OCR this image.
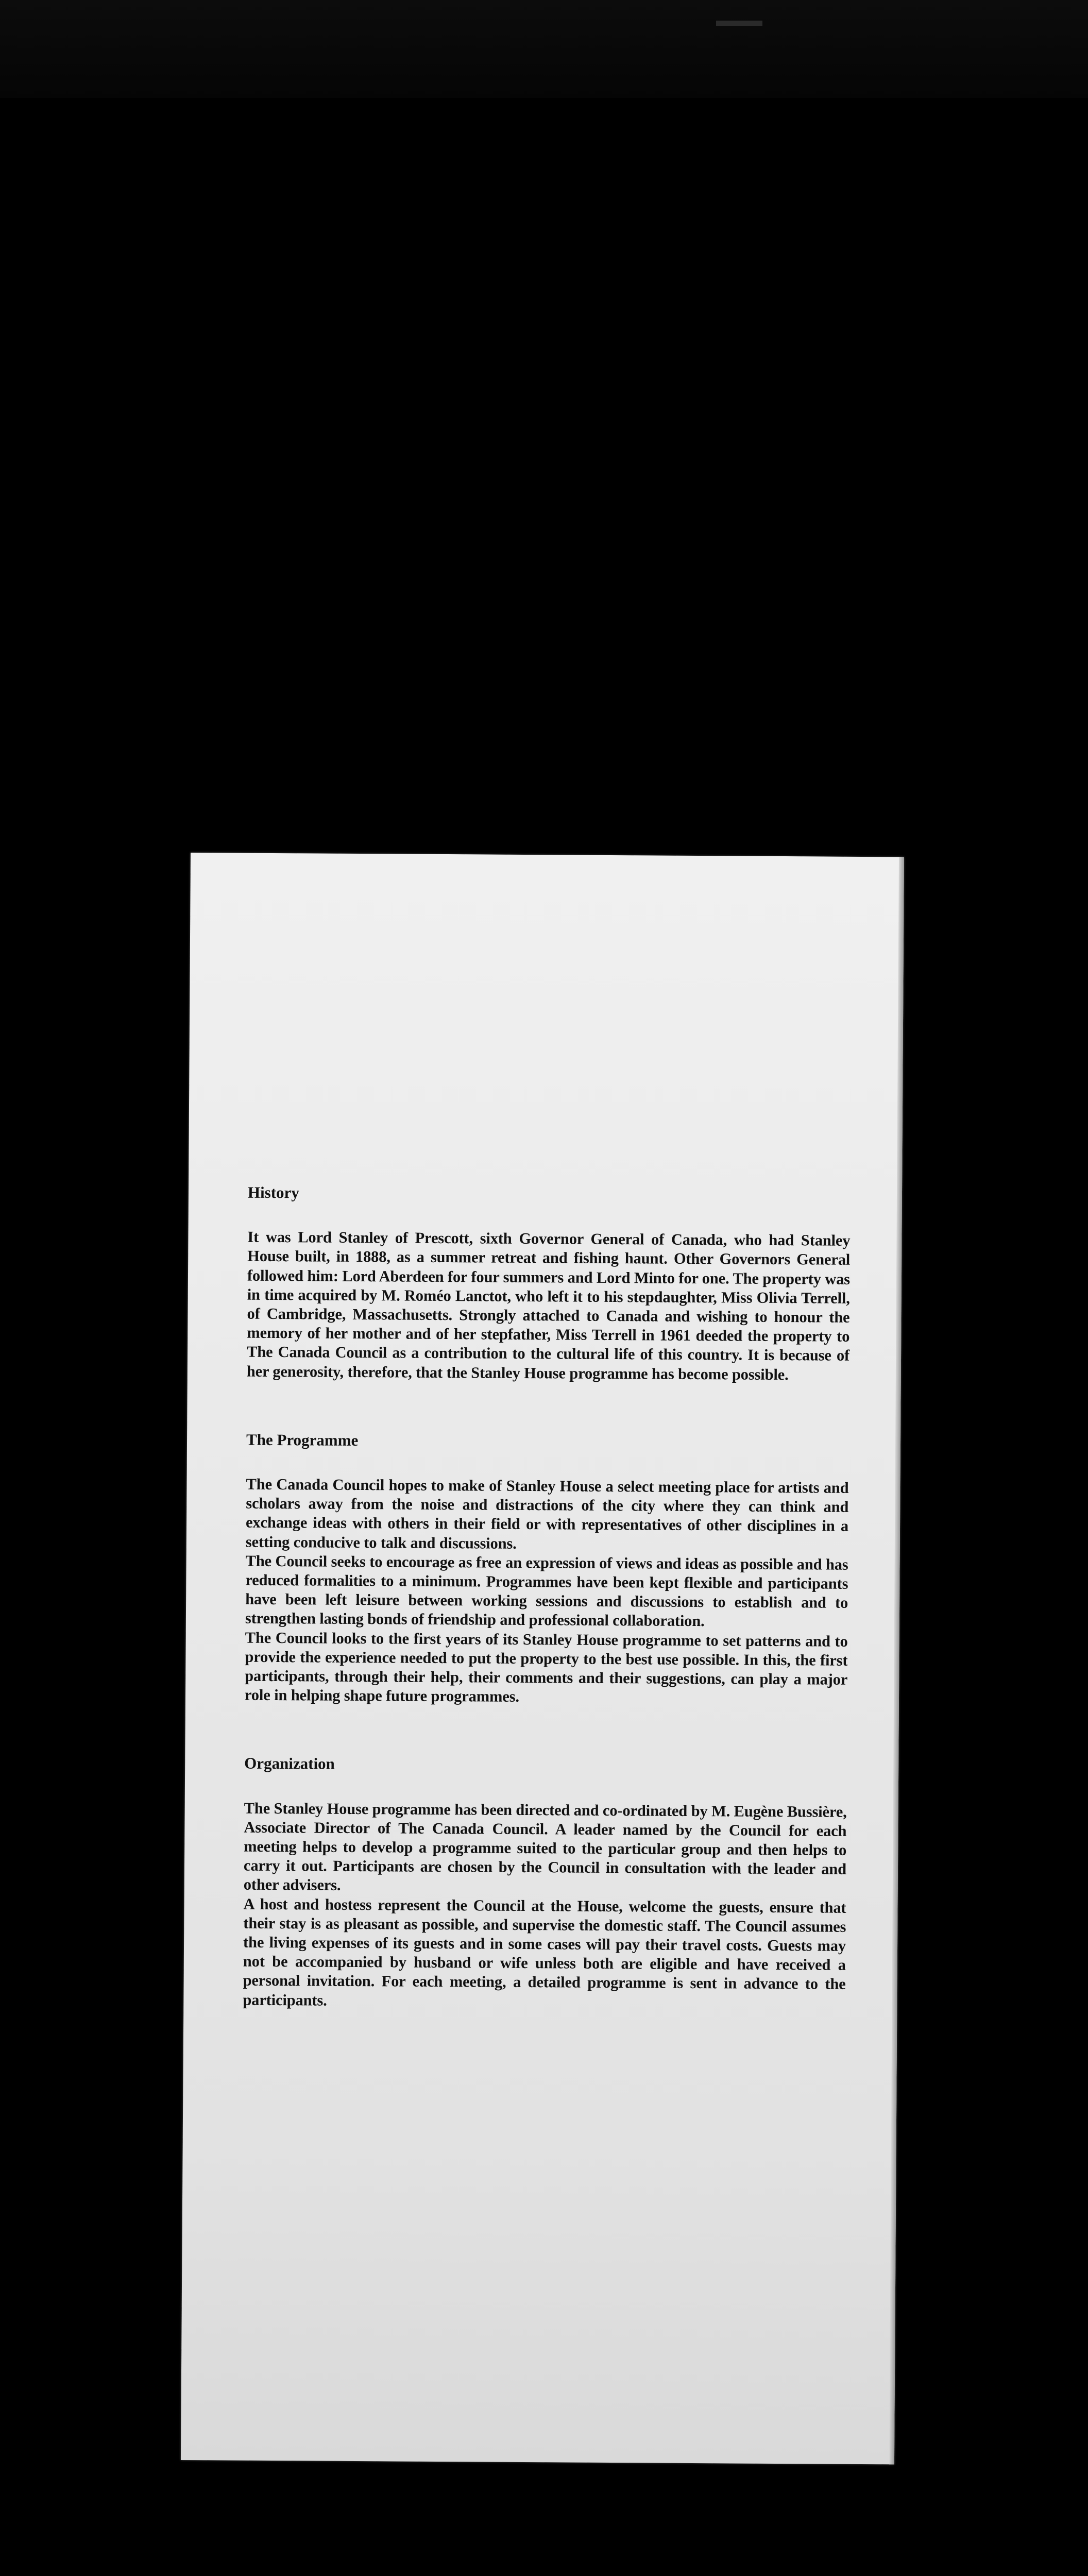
History

It was Lord Stanley of Prescott, sixth Governor General of Canada, who had Stanley House built, in 1888, as a summer retreat and fishing haunt. Other Governors General followed him: Lord Aberdeen for four summers and Lord Minto for one. The property was in time acquired by M. Roméo Lanctot, who left it to his stepdaughter, Miss Olivia Terrell, of Cambridge, Massachusetts. Strongly attached to Canada and wishing to honour the memory of her mother and of her stepfather, Miss Terrell in 1961 deeded the property to The Canada Council as a contribution to the cultural life of this country. It is because of her generosity, therefore, that the Stanley House programme has become possible.

The Programme

The Canada Council hopes to make of Stanley House a select meeting place for artists and scholars away from the noise and distractions of the city where they can think and exchange ideas with others in their field or with representatives of other disciplines in a setting conducive to talk and discussions.

The Council seeks to encourage as free an expression of views and ideas as possible and has reduced formalities to a minimum. Programmes have been kept flexible and participants have been left leisure between working sessions and discussions to establish and to strengthen lasting bonds of friendship and professional collaboration.

The Council looks to the first years of its Stanley House programme to set patterns and to provide the experience needed to put the property to the best use possible. In this, the first participants, through their help, their comments and their suggestions, can play a major role in helping shape future programmes.

Organization

The Stanley House programme has been directed and co-ordinated by M. Eugène Bussière, Associate Director of The Canada Council. A leader named by the Council for each meeting helps to develop a programme suited to the particular group and then helps to carry it out. Participants are chosen by the Council in consultation with the leader and other advisers.

A host and hostess represent the Council at the House, welcome the guests, ensure that their stay is as pleasant as possible, and supervise the domestic staff. The Council assumes the living expenses of its guests and in some cases will pay their travel costs. Guests may not be accompanied by husband or wife unless both are eligible and have received a personal invitation. For each meeting, a detailed programme is sent in advance to the participants.
